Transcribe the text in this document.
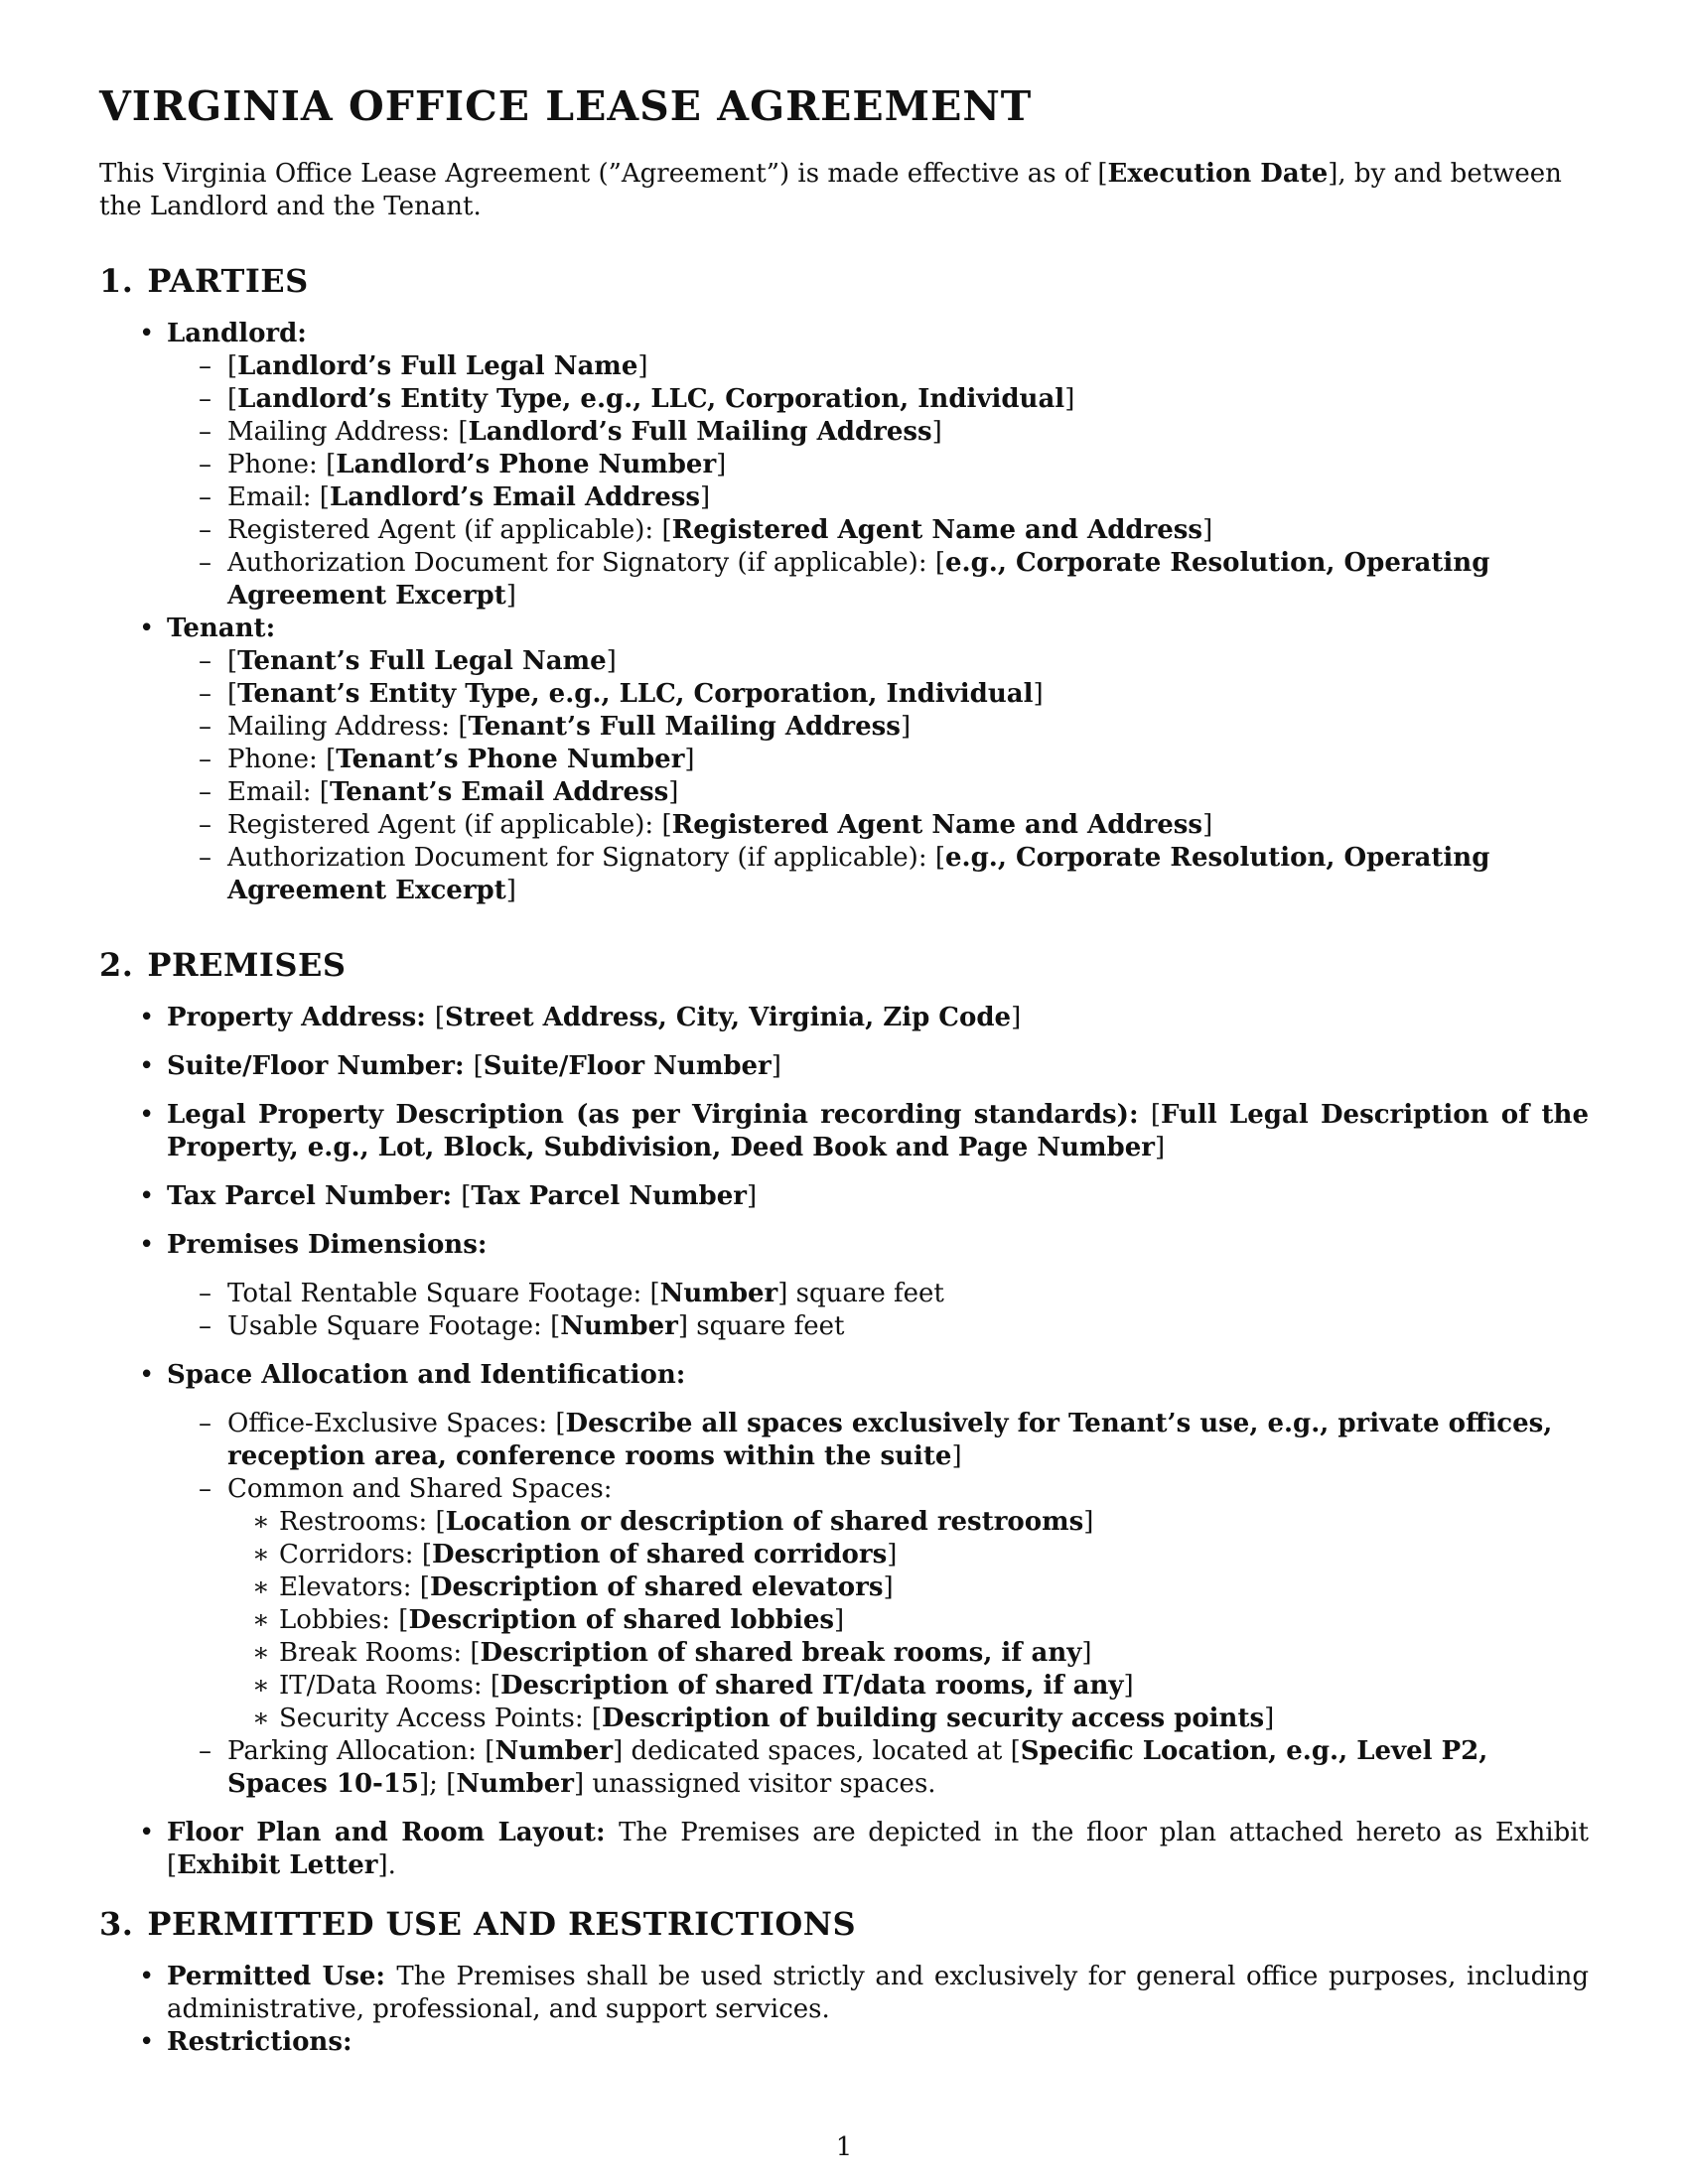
VIRGINIA OFFICE LEASE AGREEMENT

This Virginia Office Lease Agreement (”Agreement”) is made effective as of [Execution Date], by and between the Landlord and the Tenant.

1. PARTIES
• Landlord:
– [Landlord’s Full Legal Name]
– [Landlord’s Entity Type, e.g., LLC, Corporation, Individual]
– Mailing Address: [Landlord’s Full Mailing Address]
– Phone: [Landlord’s Phone Number]
– Email: [Landlord’s Email Address]
– Registered Agent (if applicable): [Registered Agent Name and Address]
– Authorization Document for Signatory (if applicable): [e.g., Corporate Resolution, Operating Agreement Excerpt]
• Tenant:
– [Tenant’s Full Legal Name]
– [Tenant’s Entity Type, e.g., LLC, Corporation, Individual]
– Mailing Address: [Tenant’s Full Mailing Address]
– Phone: [Tenant’s Phone Number]
– Email: [Tenant’s Email Address]
– Registered Agent (if applicable): [Registered Agent Name and Address]
– Authorization Document for Signatory (if applicable): [e.g., Corporate Resolution, Operating Agreement Excerpt]
2. PREMISES
• Property Address: [Street Address, City, Virginia, Zip Code]
• Suite/Floor Number: [Suite/Floor Number]
• Legal Property Description (as per Virginia recording standards): [Full Legal Description of the Property, e.g., Lot, Block, Subdivision, Deed Book and Page Number]
• Tax Parcel Number: [Tax Parcel Number]
• Premises Dimensions:
– Total Rentable Square Footage: [Number] square feet
– Usable Square Footage: [Number] square feet
• Space Allocation and Identification:
– Office-Exclusive Spaces: [Describe all spaces exclusively for Tenant’s use, e.g., private offices, reception area, conference rooms within the suite]
– Common and Shared Spaces:
∗ Restrooms: [Location or description of shared restrooms]
∗ Corridors: [Description of shared corridors]
∗ Elevators: [Description of shared elevators]
∗ Lobbies: [Description of shared lobbies]
∗ Break Rooms: [Description of shared break rooms, if any]
∗ IT/Data Rooms: [Description of shared IT/data rooms, if any]
∗ Security Access Points: [Description of building security access points]
– Parking Allocation: [Number] dedicated spaces, located at [Specific Location, e.g., Level P2, Spaces 10-15]; [Number] unassigned visitor spaces.
• Floor Plan and Room Layout: The Premises are depicted in the floor plan attached hereto as Exhibit [Exhibit Letter].
3. PERMITTED USE AND RESTRICTIONS
• Permitted Use: The Premises shall be used strictly and exclusively for general office purposes, including administrative, professional, and support services.
• Restrictions:
1
